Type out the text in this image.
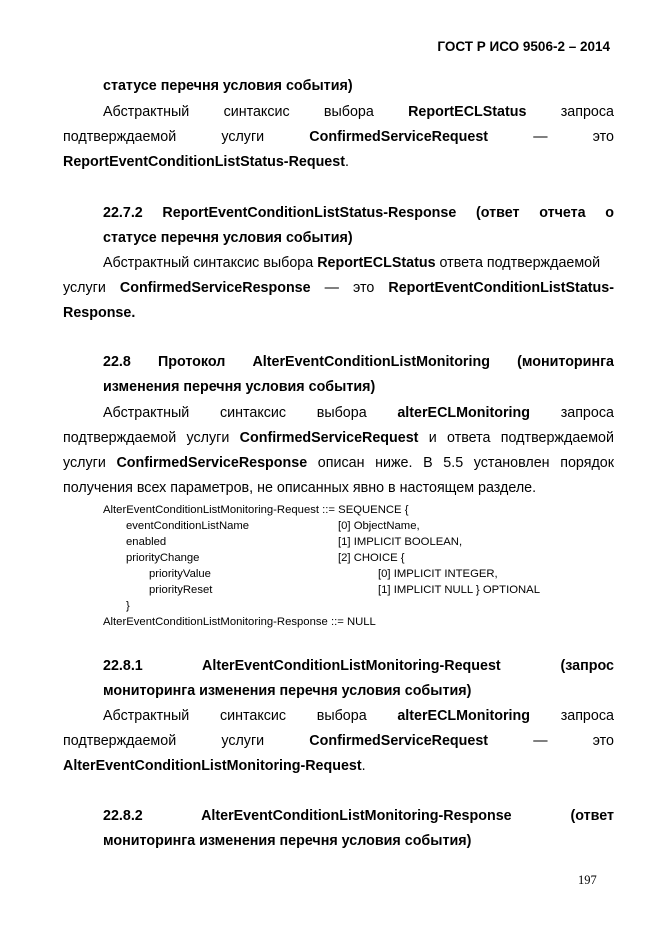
ГОСТ Р ИСО 9506-2 – 2014
статусе перечня условия события)
Абстрактный синтаксис выбора ReportECLStatus запроса
подтверждаемой	услуги	ConfirmedServiceRequest	—	это
ReportEventConditionListStatus-Request.
22.7.2 ReportEventConditionListStatus-Response (ответ отчета о
статусе перечня условия события)
Абстрактный синтаксис выбора ReportECLStatus ответа подтверждаемой
услуги ConfirmedServiceResponse — это ReportEventConditionListStatus-
Response.
22.8 Протокол AlterEventConditionListMonitoring (мониторинга
изменения перечня условия события)
Абстрактный синтаксис выбора alterECLMonitoring запроса
подтверждаемой услуги ConfirmedServiceRequest и ответа подтверждаемой
услуги ConfirmedServiceResponse описан ниже. В 5.5 установлен порядок
получения всех параметров, не описанных явно в настоящем разделе.
AlterEventConditionListMonitoring-Request ::= SEQUENCE {
eventConditionListName	[0] ObjectName,
enabled	[1] IMPLICIT BOOLEAN,
priorityChange	[2] CHOICE {
priorityValue	[0] IMPLICIT INTEGER,
priorityReset	[1] IMPLICIT NULL } OPTIONAL
}
AlterEventConditionListMonitoring-Response ::= NULL
22.8.1	AlterEventConditionListMonitoring-Request	(запрос
мониторинга изменения перечня условия события)
Абстрактный синтаксис выбора alterECLMonitoring запроса
подтверждаемой	услуги	ConfirmedServiceRequest	—	это
AlterEventConditionListMonitoring-Request.
22.8.2	AlterEventConditionListMonitoring-Response	(ответ
мониторинга изменения перечня условия события)
197
